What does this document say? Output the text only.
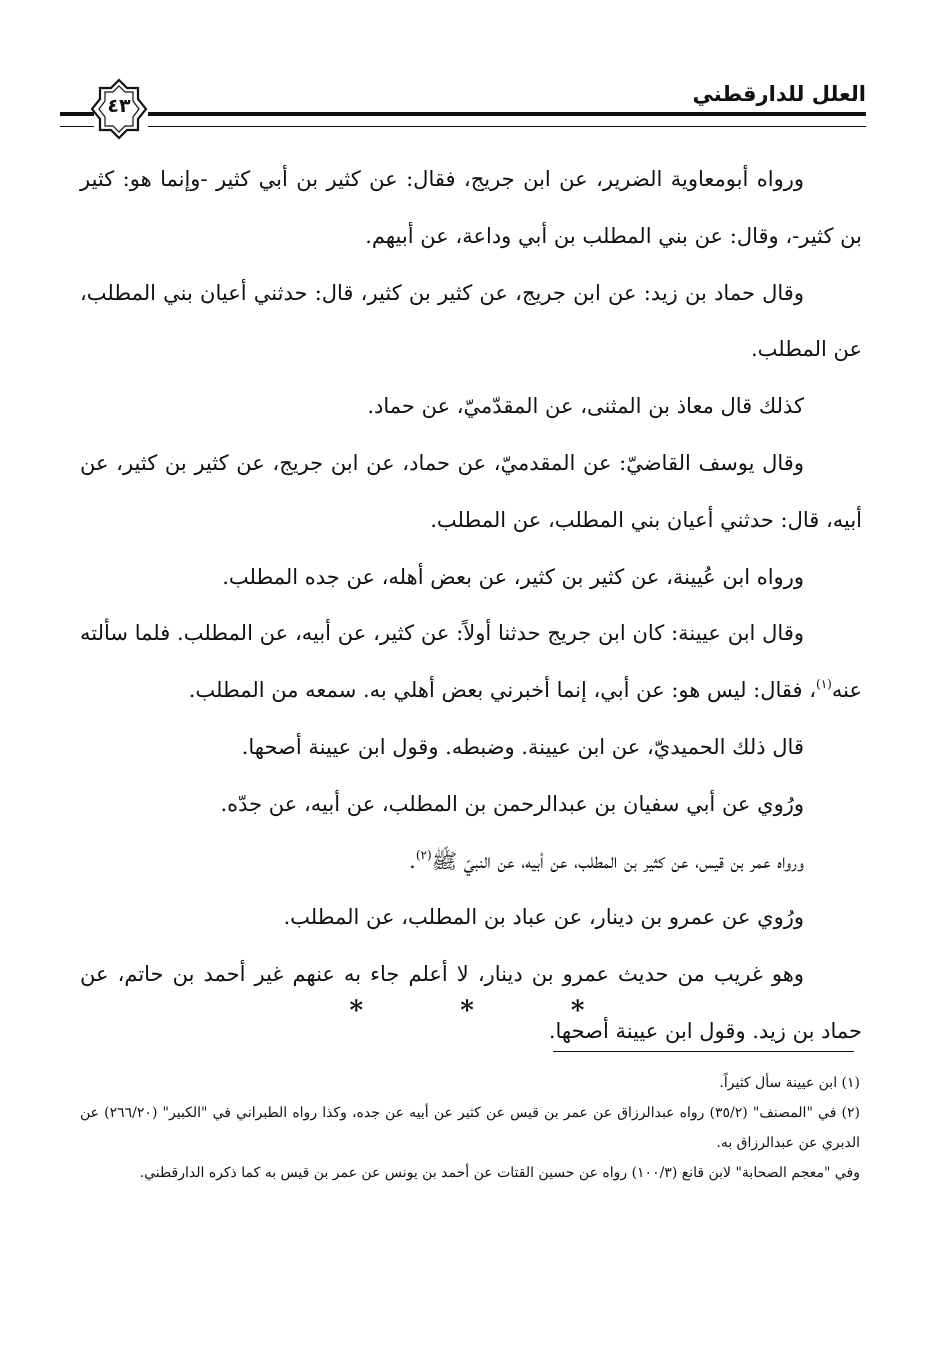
العلل للدارقطني
٤٣

ورواه أبومعاوية الضرير، عن ابن جريج، فقال: عن كثير بن أبي كثير -وإنما هو: كثير بن كثير-، وقال: عن بني المطلب بن أبي وداعة، عن أبيهم.

وقال حماد بن زيد: عن ابن جريج، عن كثير بن كثير، قال: حدثني أعيان بني المطلب، عن المطلب.

كذلك قال معاذ بن المثنى، عن المقدّميّ، عن حماد.

وقال يوسف القاضيّ: عن المقدميّ، عن حماد، عن ابن جريج، عن كثير بن كثير، عن أبيه، قال: حدثني أعيان بني المطلب، عن المطلب.

ورواه ابن عُيينة، عن كثير بن كثير، عن بعض أهله، عن جده المطلب.

وقال ابن عيينة: كان ابن جريج حدثنا أولاً: عن كثير، عن أبيه، عن المطلب. فلما سألته عنه$^{(١)}$، فقال: ليس هو: عن أبي، إنما أخبرني بعض أهلي به. سمعه من المطلب.

قال ذلك الحميديّ، عن ابن عيينة. وضبطه. وقول ابن عيينة أصحها.

ورُوي عن أبي سفيان بن عبدالرحمن بن المطلب، عن أبيه، عن جدّه.

ورواه عمر بن قيس، عن كثير بن المطلب، عن أبيه، عن النبيّ ﷺ$^{(٢)}$.

ورُوي عن عمرو بن دينار، عن عباد بن المطلب، عن المطلب.

وهو غريب من حديث عمرو بن دينار، لا أعلم جاء به عنهم غير أحمد بن حاتم، عن حماد بن زيد. وقول ابن عيينة أصحها.

* * *

(١) ابن عيينة سأل كثيراً.

(٢) في "المصنف" (٣٥/٢) رواه عبدالرزاق عن عمر بن قيس عن كثير عن أبيه عن جده، وكذا رواه الطبراني في "الكبير" (٢٦٦/٢٠) عن الدبري عن عبدالرزاق به.

وفي "معجم الصحابة" لابن قانع (١٠٠/٣) رواه عن حسين القتات عن أحمد بن يونس عن عمر بن قيس به كما ذكره الدارقطني.
